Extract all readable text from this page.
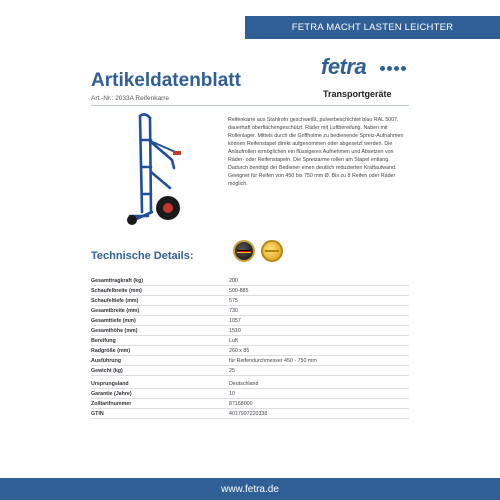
FETRA MACHT LASTEN LEICHTER
Artikeldatenblatt
Art.-Nr.: 2033A Reifenkarre
fetra
Transportgeräte
Reifenkarre aus Stahlrohr geschweißt, pulverbeschichtet blau RAL 5007, dauerhaft oberflächengeschützt. Räder mit Luftbereifung. Naben mit Rollenlager. Mittels durch die Griffholme zu bedienende Spreiz-Aufnahmen können Reifenstapel direkt aufgenommen oder abgesetzt werden. Die Anlaufrollen ermöglichen ein flüssigeres Aufnehmen und Absetzen von Räder- oder Reifenstapeln. Die Spreizarme rollen am Stapel entlang. Dadurch benötigt der Bediener einen deutlich reduzierten Kraftaufwand. Geeignet für Reifen von 450 bis 750 mm Ø. Bis zu 8 Reifen oder Räder möglich.
Technische Details:
Gesamttragkraft (kg)	200
Schaufelbreite (mm)	500-885
Schaufeltiefe (mm)	575
Gesamtbreite (mm)	730
Gesamttiefe (mm)	1057
Gesamthöhe (mm)	1510
Bereifung	Luft
Radgröße (mm)	260 x 85
Ausführung	für Reifendurchmesser 450 - 750 mm
Gewicht (kg)	25
Ursprungsland	Deutschland
Garantie (Jahre)	10
Zolltarifnummer	87168000
GTIN	4017997220338
www.fetra.de
